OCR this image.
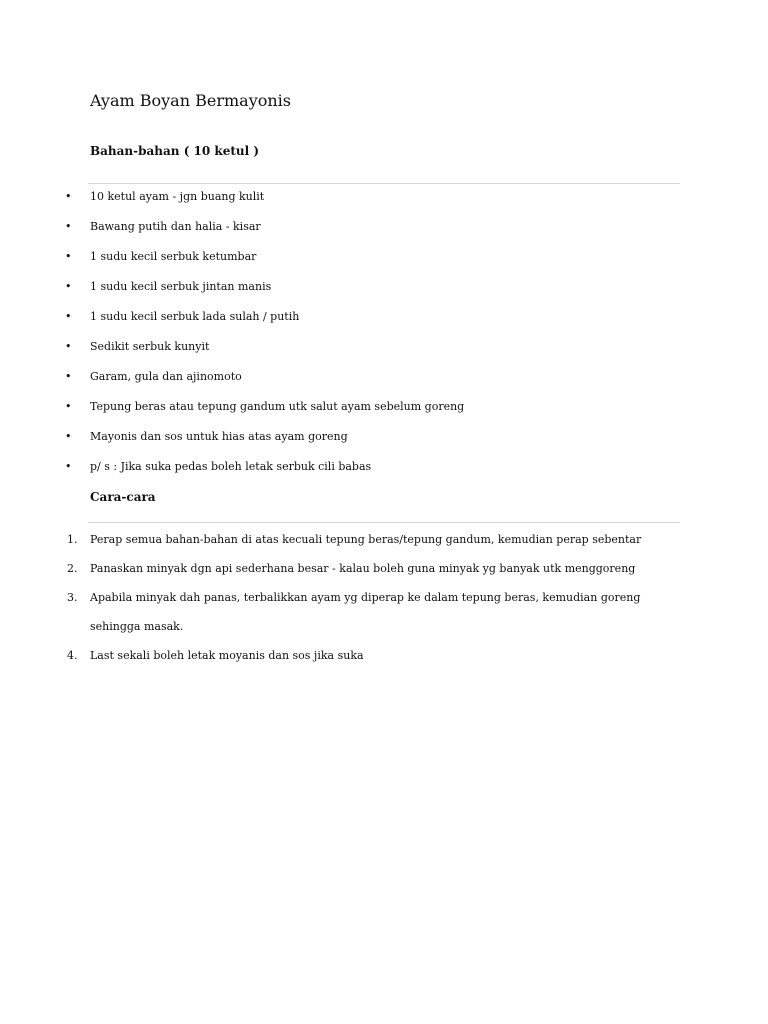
Ayam Boyan Bermayonis
Bahan-bahan ( 10 ketul )
• 10 ketul ayam - jgn buang kulit
• Bawang putih dan halia - kisar
• 1 sudu kecil serbuk ketumbar
• 1 sudu kecil serbuk jintan manis
• 1 sudu kecil serbuk lada sulah / putih
• Sedikit serbuk kunyit
• Garam, gula dan ajinomoto
• Tepung beras atau tepung gandum utk salut ayam sebelum goreng
• Mayonis dan sos untuk hias atas ayam goreng
• p/ s : Jika suka pedas boleh letak serbuk cili babas
Cara-cara
1. Perap semua bahan-bahan di atas kecuali tepung beras/tepung gandum, kemudian perap sebentar
2. Panaskan minyak dgn api sederhana besar - kalau boleh guna minyak yg banyak utk menggoreng
3. Apabila minyak dah panas, terbalikkan ayam yg diperap ke dalam tepung beras, kemudian goreng sehingga masak.
4. Last sekali boleh letak moyanis dan sos jika suka
